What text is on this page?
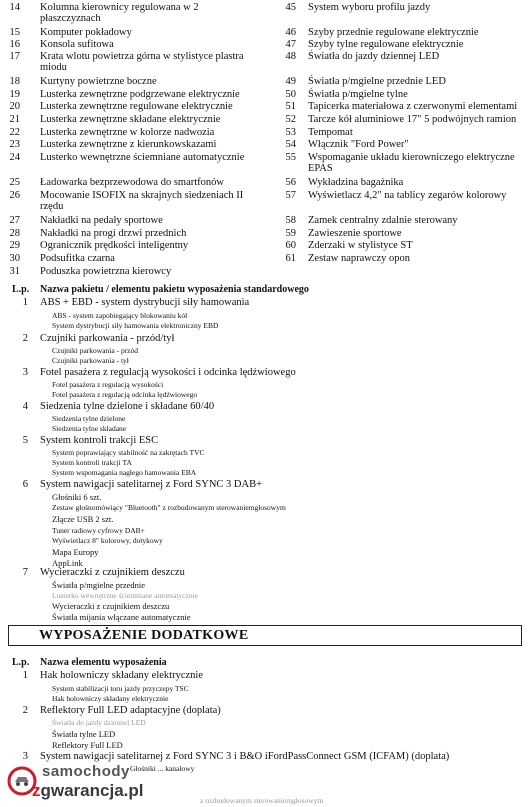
14 Kolumna kierownicy regulowana w 2 płaszczyznach
15 Komputer pokładowy
16 Konsola sufitowa
17 Krata wlotu powietrza górna w stylistyce plastra miodu
18 Kurtyny powietrzne boczne
19 Lusterka zewnętrzne podgrzewane elektrycznie
20 Lusterka zewnętrzne regulowane elektrycznie
21 Lusterka zewnętrzne składane elektrycznie
22 Lusterka zewnętrzne w kolorze nadwozia
23 Lusterka zewnętrzne z kierunkowskazami
24 Lusterko wewnętrzne ściemniane automatycznie
25 Ładowarka bezprzewodowa do smartfonów
26 Mocowanie ISOFIX na skrajnych siedzeniach II rzędu
27 Nakładki na pedały sportowe
28 Nakładki na progi drzwi przednich
29 Ogranicznik prędkości inteligentny
30 Podsufitka czarna
31 Poduszka powietrzna kierowcy
45 System wyboru profilu jazdy
46 Szyby przednie regulowane elektrycznie
47 Szyby tylne regulowane elektrycznie
48 Światła do jazdy dziennej LED
49 Światła p/mgielne przednie LED
50 Światła p/mgielne tylne
51 Tapicerka materiałowa z czerwonymi elementami
52 Tarcze kół aluminiowe 17" 5 podwójnych ramion
53 Tempomat
54 Włącznik "Ford Power"
55 Wspomaganie układu kierowniczego elektryczne EPAS
56 Wykładzina bagażnika
57 Wyświetlacz 4,2" na tablicy zegarów kolorowy
58 Zamek centralny zdalnie sterowany
59 Zawieszenie sportowe
60 Zderzaki w stylistyce ST
61 Zestaw naprawczy opon
L.p. Nazwa pakietu / elementu pakietu wyposażenia standardowego
1 ABS + EBD - system dystrybucji siły hamowania
ABS - system zapobiegający blokowaniu kół
System dystrybucji siły hamowania elektroniczny EBD
2 Czujniki parkowania - przód/tył
Czujniki parkowania - przód
Czujniki parkowania - tył
3 Fotel pasażera z regulacją wysokości i odcinka lędźwiowego
Fotel pasażera z regulacją wysokości
Fotel pasażera z regulacją odcinka lędźwiowego
4 Siedzenia tylne dzielone i składane 60/40
Siedzenia tylne dzielone
Siedzenia tylne składane
5 System kontroli trakcji ESC
System poprawiający stabilność na zakrętach TVC
System kontroli trakcji TA
System wspomagania nagłego hamowania EBA
6 System nawigacji satelitarnej z Ford SYNC 3 DAB+
Głośniki 6 szt.
Zestaw głośnomówiący "Bluetooth" z rozbudowanym sterowaniemgłosowym
Złącze USB 2 szt.
Tuner radiowy cyfrowy DAB+
Wyświetlacz 8" kolorowy, dotykowy
Mapa Europy
AppLink
7 Wycieraczki z czujnikiem deszczu
Światła p/mgielne przednie
Lusterko wewnętrzne ściemniane automatycznie
Wycieraczki z czujnikiem deszczu
Światła mijania włączane automatycznie
WYPOSAŻENIE DODATKOWE
L.p. Nazwa elementu wyposażenia
1 Hak holowniczy składany elektrycznie
System stabilizacji toru jazdy przyczepy TSC
Hak holowniczy składany elektrycznie
2 Reflektory Full LED adaptacyjne (doplata)
Światła do jazdy dziennej LED
Światła tylne LED
Reflektory Full LED
3 System nawigacji satelitarnej z Ford SYNC 3 i B&O iFordPassConnect GSM (ICFAM) (doplata)
Głośniki ... kanałowy
z rozbudowanym sterowaniemgłosowym
samochody
zgwarancja.pl
